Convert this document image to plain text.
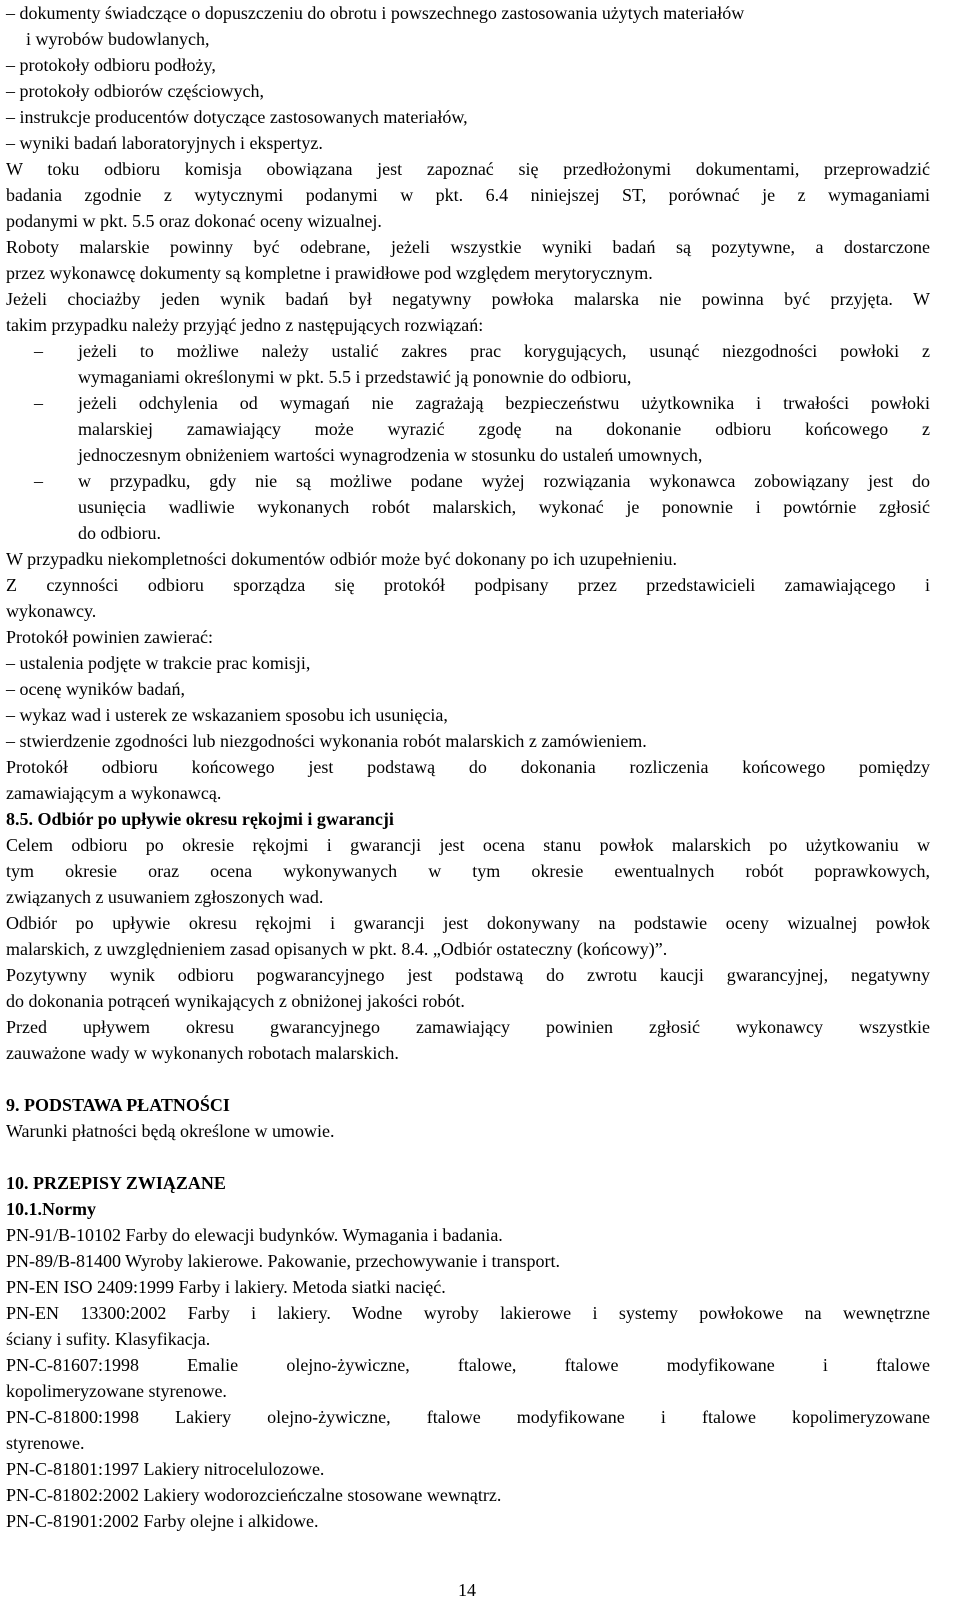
– dokumenty świadczące o dopuszczeniu do obrotu i powszechnego zastosowania użytych materiałów
i wyrobów budowlanych,
– protokoły odbioru podłoży,
– protokoły odbiorów częściowych,
– instrukcje producentów dotyczące zastosowanych materiałów,
– wyniki badań laboratoryjnych i ekspertyz.
W toku odbioru komisja obowiązana jest zapoznać się przedłożonymi dokumentami, przeprowadzić
badania zgodnie z wytycznymi podanymi w pkt. 6.4 niniejszej ST, porównać je z wymaganiami
podanymi w pkt. 5.5 oraz dokonać oceny wizualnej.
Roboty malarskie powinny być odebrane, jeżeli wszystkie wyniki badań są pozytywne, a dostarczone
przez wykonawcę dokumenty są kompletne i prawidłowe pod względem merytorycznym.
Jeżeli chociażby jeden wynik badań był negatywny powłoka malarska nie powinna być przyjęta. W
takim przypadku należy przyjąć jedno z następujących rozwiązań:
– jeżeli to możliwe należy ustalić zakres prac korygujących, usunąć niezgodności powłoki z
wymaganiami określonymi w pkt. 5.5 i przedstawić ją ponownie do odbioru,
– jeżeli odchylenia od wymagań nie zagrażają bezpieczeństwu użytkownika i trwałości powłoki
malarskiej zamawiający może wyrazić zgodę na dokonanie odbioru końcowego z
jednoczesnym obniżeniem wartości wynagrodzenia w stosunku do ustaleń umownych,
– w przypadku, gdy nie są możliwe podane wyżej rozwiązania wykonawca zobowiązany jest do
usunięcia wadliwie wykonanych robót malarskich, wykonać je ponownie i powtórnie zgłosić
do odbioru.
W przypadku niekompletności dokumentów odbiór może być dokonany po ich uzupełnieniu.
Z czynności odbioru sporządza się protokół podpisany przez przedstawicieli zamawiającego i
wykonawcy.
Protokół powinien zawierać:
– ustalenia podjęte w trakcie prac komisji,
– ocenę wyników badań,
– wykaz wad i usterek ze wskazaniem sposobu ich usunięcia,
– stwierdzenie zgodności lub niezgodności wykonania robót malarskich z zamówieniem.
Protokół odbioru końcowego jest podstawą do dokonania rozliczenia końcowego pomiędzy
zamawiającym a wykonawcą.
8.5. Odbiór po upływie okresu rękojmi i gwarancji
Celem odbioru po okresie rękojmi i gwarancji jest ocena stanu powłok malarskich po użytkowaniu w
tym okresie oraz ocena wykonywanych w tym okresie ewentualnych robót poprawkowych,
związanych z usuwaniem zgłoszonych wad.
Odbiór po upływie okresu rękojmi i gwarancji jest dokonywany na podstawie oceny wizualnej powłok
malarskich, z uwzględnieniem zasad opisanych w pkt. 8.4. „Odbiór ostateczny (końcowy)”.
Pozytywny wynik odbioru pogwarancyjnego jest podstawą do zwrotu kaucji gwarancyjnej, negatywny
do dokonania potrąceń wynikających z obniżonej jakości robót.
Przed upływem okresu gwarancyjnego zamawiający powinien zgłosić wykonawcy wszystkie
zauważone wady w wykonanych robotach malarskich.
9. PODSTAWA PŁATNOŚCI
Warunki płatności będą określone w umowie.
10. PRZEPISY ZWIĄZANE
10.1.Normy
PN-91/B-10102 Farby do elewacji budynków. Wymagania i badania.
PN-89/B-81400 Wyroby lakierowe. Pakowanie, przechowywanie i transport.
PN-EN ISO 2409:1999 Farby i lakiery. Metoda siatki nacięć.
PN-EN 13300:2002 Farby i lakiery. Wodne wyroby lakierowe i systemy powłokowe na wewnętrzne
ściany i sufity. Klasyfikacja.
PN-C-81607:1998 Emalie olejno-żywiczne, ftalowe, ftalowe modyfikowane i ftalowe
kopolimeryzowane styrenowe.
PN-C-81800:1998 Lakiery olejno-żywiczne, ftalowe modyfikowane i ftalowe kopolimeryzowane
styrenowe.
PN-C-81801:1997 Lakiery nitrocelulozowe.
PN-C-81802:2002 Lakiery wodorozcieńczalne stosowane wewnątrz.
PN-C-81901:2002 Farby olejne i alkidowe.
14
